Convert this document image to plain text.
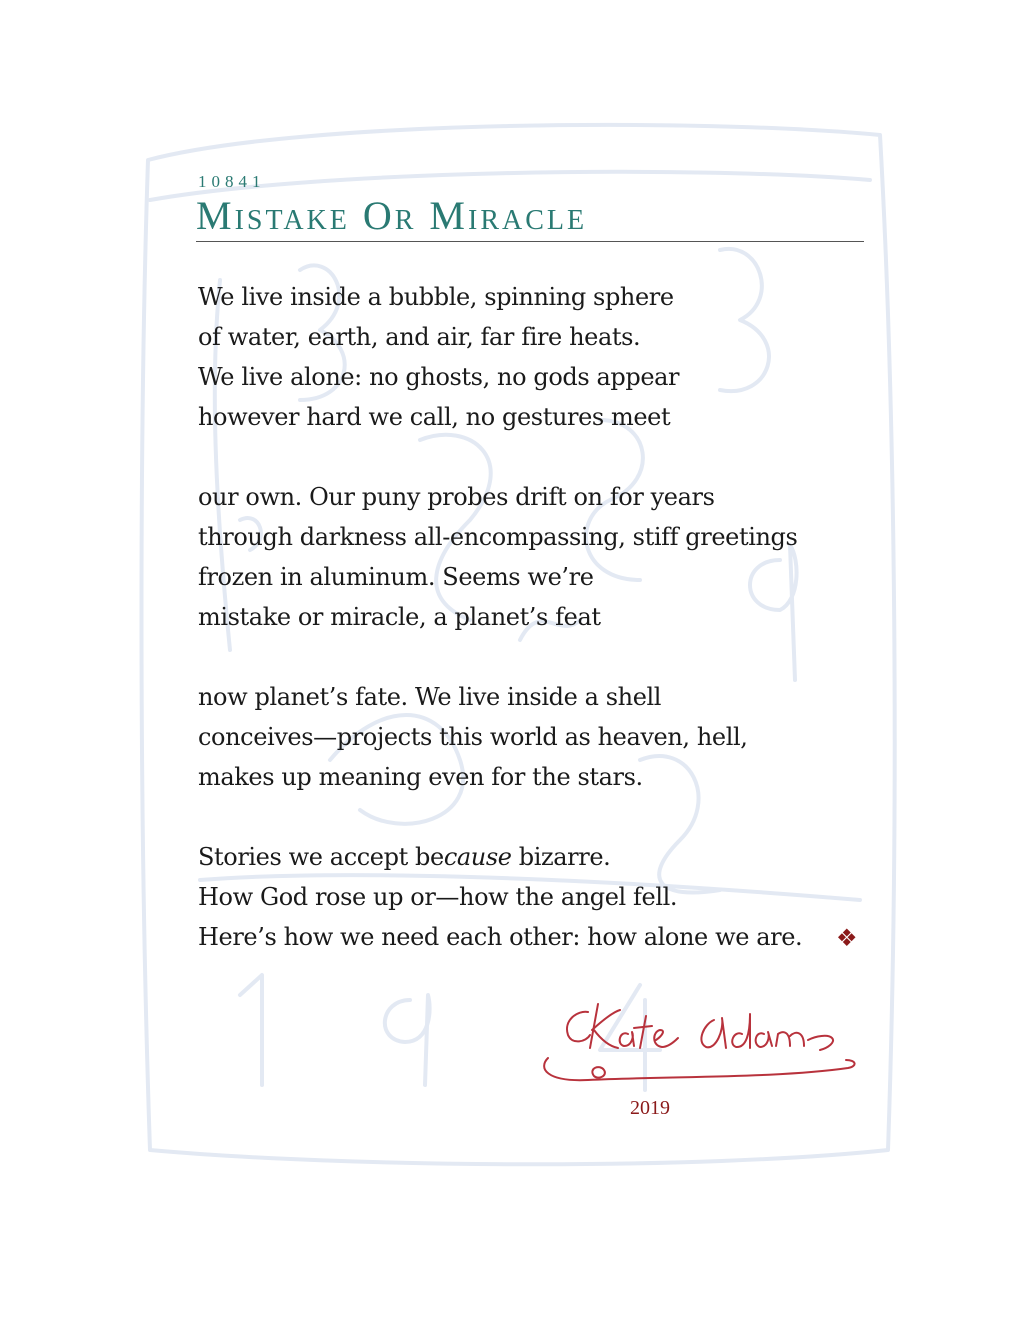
10841
Mistake Or Miracle
We live inside a bubble, spinning sphere
of water, earth, and air, far fire heats.
We live alone: no ghosts, no gods appear
however hard we call, no gestures meet
our own. Our puny probes drift on for years
through darkness all-encompassing, stiff greetings
frozen in aluminum. Seems we’re
mistake or miracle, a planet’s feat
now planet’s fate. We live inside a shell
conceives—projects this world as heaven, hell,
makes up meaning even for the stars.
Stories we accept because bizarre.
How God rose up or—how the angel fell.
Here’s how we need each other: how alone we are.	❖
2019
